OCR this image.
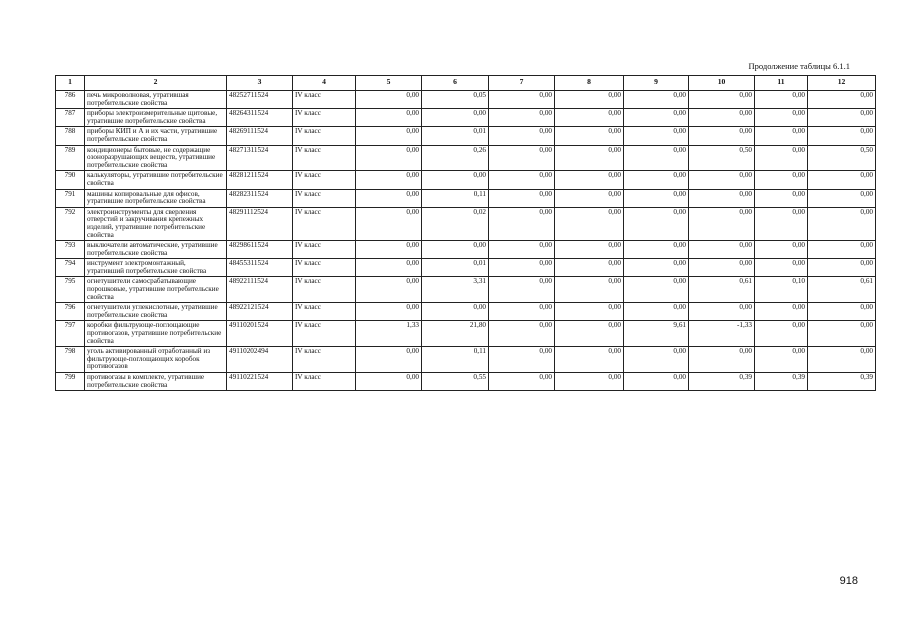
Продолжение таблицы 6.1.1
1	2	3	4	5	6	7	8	9	10	11	12
786	печь микроволновая, утратившая потребительские свойства	48252711524	IV класс	0,00	0,05	0,00	0,00	0,00	0,00	0,00	0,00
787	приборы электроизмерительные щитовые, утратившие потребительские свойства	48264311524	IV класс	0,00	0,00	0,00	0,00	0,00	0,00	0,00	0,00
788	приборы КИП и А и их части, утратившие потребительские свойства	48269111524	IV класс	0,00	0,01	0,00	0,00	0,00	0,00	0,00	0,00
789	кондиционеры бытовые, не содержащие озоноразрушающих веществ, утратившие потребительские свойства	48271311524	IV класс	0,00	0,26	0,00	0,00	0,00	0,50	0,00	0,50
790	калькуляторы, утратившие потребительские свойства	48281211524	IV класс	0,00	0,00	0,00	0,00	0,00	0,00	0,00	0,00
791	машины копировальные для офисов, утратившие потребительские свойства	48282311524	IV класс	0,00	0,11	0,00	0,00	0,00	0,00	0,00	0,00
792	электроинструменты для сверления отверстий и закручивания крепежных изделий, утратившие потребительские свойства	48291112524	IV класс	0,00	0,02	0,00	0,00	0,00	0,00	0,00	0,00
793	выключатели автоматические, утратившие потребительские свойства	48298611524	IV класс	0,00	0,00	0,00	0,00	0,00	0,00	0,00	0,00
794	инструмент электромонтажный, утративший потребительские свойства	48455311524	IV класс	0,00	0,01	0,00	0,00	0,00	0,00	0,00	0,00
795	огнетушители самосрабатывающие порошковые, утратившие потребительские свойства	48922111524	IV класс	0,00	3,31	0,00	0,00	0,00	0,61	0,10	0,61
796	огнетушители углекислотные, утратившие потребительские свойства	48922121524	IV класс	0,00	0,00	0,00	0,00	0,00	0,00	0,00	0,00
797	коробки фильтрующе-поглощающие противогазов, утратившие потребительские свойства	49110201524	IV класс	1,33	21,80	0,00	0,00	9,61	-1,33	0,00	0,00
798	уголь активированный отработанный из фильтрующе-поглощающих коробок противогазов	49110202494	IV класс	0,00	0,11	0,00	0,00	0,00	0,00	0,00	0,00
799	противогазы в комплекте, утратившие потребительские свойства	49110221524	IV класс	0,00	0,55	0,00	0,00	0,00	0,39	0,39	0,39
918
